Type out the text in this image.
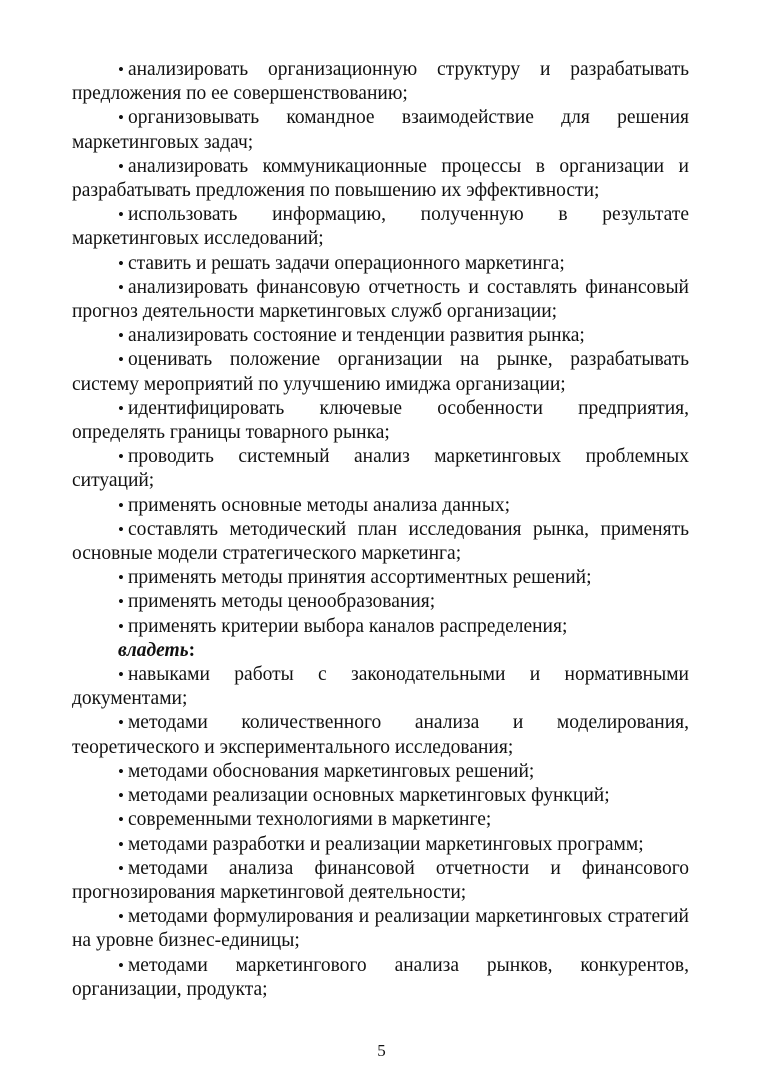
• анализировать организационную структуру и разрабатывать предложения по ее совершенствованию;

• организовывать командное взаимодействие для решения маркетинговых задач;

• анализировать коммуникационные процессы в организации и разрабатывать предложения по повышению их эффективности;

• использовать информацию, полученную в результате маркетинговых исследований;

• ставить и решать задачи операционного маркетинга;

• анализировать финансовую отчетность и составлять финансовый прогноз деятельности маркетинговых служб организации;

• анализировать состояние и тенденции развития рынка;

• оценивать положение организации на рынке, разрабатывать систему мероприятий по улучшению имиджа организации;

• идентифицировать ключевые особенности предприятия, определять границы товарного рынка;

• проводить системный анализ маркетинговых проблемных ситуаций;

• применять основные методы анализа данных;

• составлять методический план исследования рынка, применять основные модели стратегического маркетинга;

• применять методы принятия ассортиментных решений;

• применять методы ценообразования;

• применять критерии выбора каналов распределения;

владеть:

• навыками работы с законодательными и нормативными документами;

• методами количественного анализа и моделирования, теоретического и экспериментального исследования;

• методами обоснования маркетинговых решений;

• методами реализации основных маркетинговых функций;

• современными технологиями в маркетинге;

• методами разработки и реализации маркетинговых программ;

• методами анализа финансовой отчетности и финансового прогнозирования маркетинговой деятельности;

• методами формулирования и реализации маркетинговых стратегий на уровне бизнес-единицы;

• методами маркетингового анализа рынков, конкурентов, организации, продукта;

5
